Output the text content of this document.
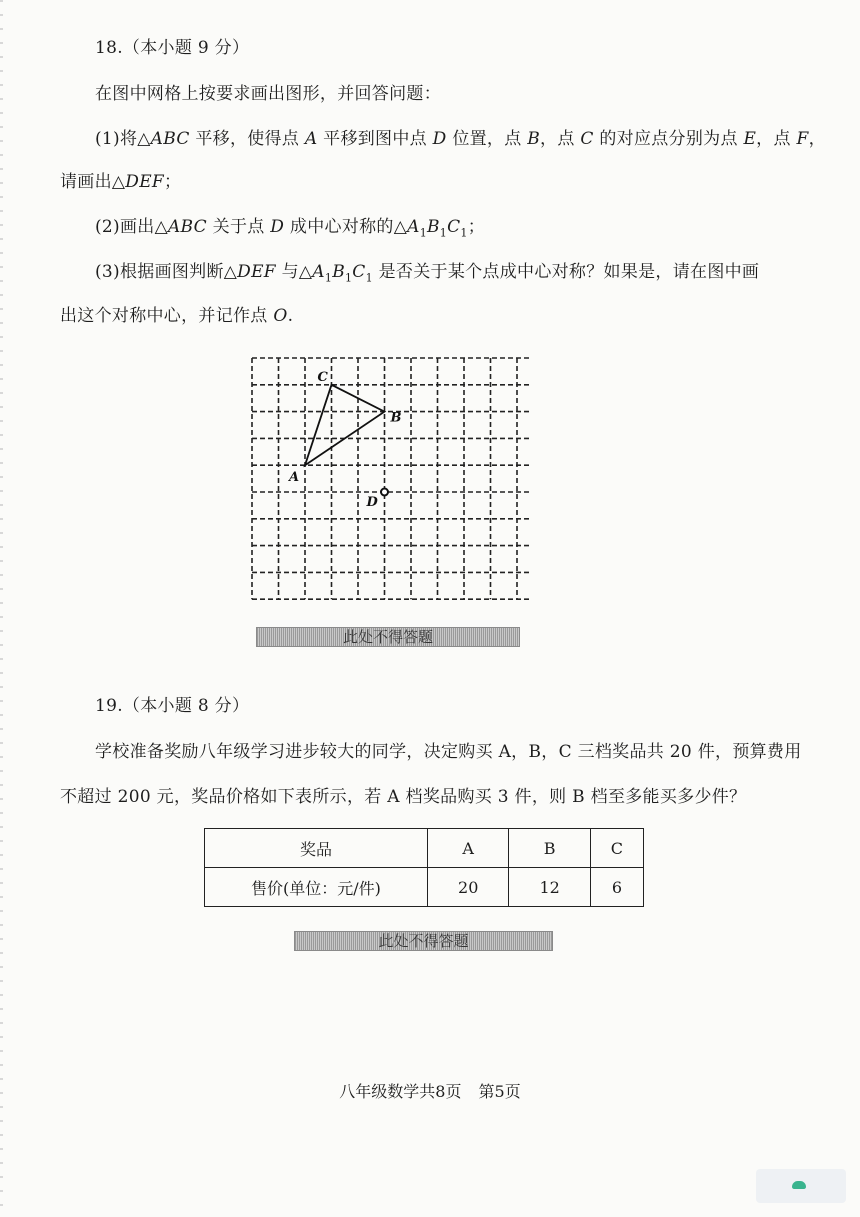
18.（本小题 9 分）
在图中网格上按要求画出图形，并回答问题：
(1)将△ABC 平移，使得点 A 平移到图中点 D 位置，点 B，点 C 的对应点分别为点 E，点 F，
请画出△DEF；
(2)画出△ABC 关于点 D 成中心对称的$\triangle A_1B_1C_1$；
(3)根据画图判断△DEF 与$\triangle A_1B_1C_1$ 是否关于某个点成中心对称？如果是，请在图中画
出这个对称中心，并记作点 O.
C
B
A
D
此处不得答题
19.（本小题 8 分）
学校准备奖励八年级学习进步较大的同学，决定购买 A，B，C 三档奖品共 20 件，预算费用
不超过 200 元，奖品价格如下表所示，若 A 档奖品购买 3 件，则 B 档至多能买多少件？
奖品	A	B	C
售价(单位：元/件)	20	12	6
此处不得答题
八年级数学共8页 第5页
